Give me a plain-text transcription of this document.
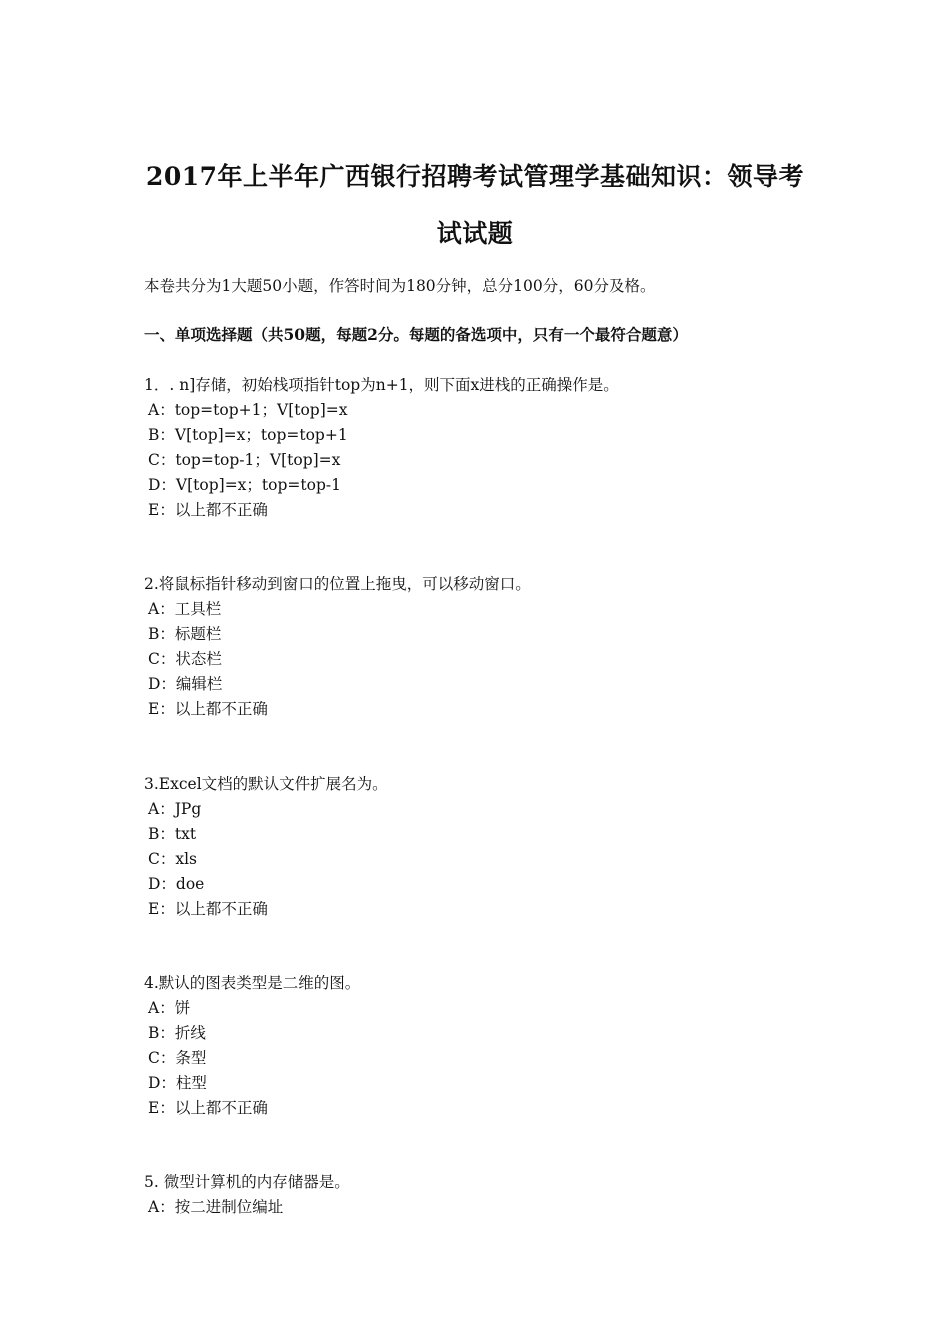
2017年上半年广西银行招聘考试管理学基础知识：领导考
试试题
本卷共分为1大题50小题，作答时间为180分钟，总分100分，60分及格。
一、单项选择题（共50题，每题2分。每题的备选项中，只有一个最符合题意）
1．. n]存储，初始栈项指针top为n+1，则下面x进栈的正确操作是。
A：top=top+1；V[top]=x
B：V[top]=x；top=top+1
C：top=top-1；V[top]=x
D：V[top]=x；top=top-1
E：以上都不正确
2.将鼠标指针移动到窗口的位置上拖曳，可以移动窗口。
A：工具栏
B：标题栏
C：状态栏
D：编辑栏
E：以上都不正确
3.Excel文档的默认文件扩展名为。
A：JPg
B：txt
C：xls
D：doe
E：以上都不正确
4.默认的图表类型是二维的图。
A：饼
B：折线
C：条型
D：柱型
E：以上都不正确
5. 微型计算机的内存储器是。
A：按二进制位编址
